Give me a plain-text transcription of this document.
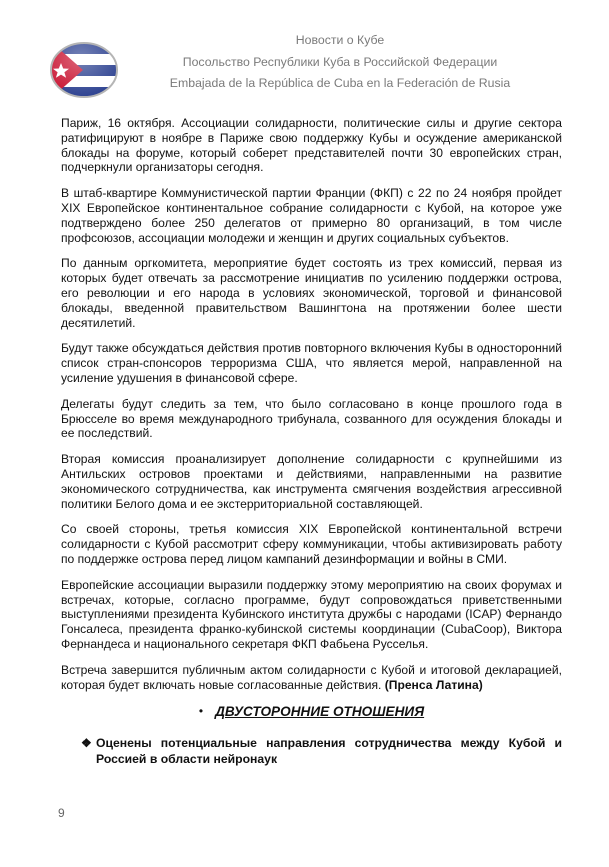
Новости о Кубе
Посольство Республики Куба в Российской Федерации
Embajada de la República de Cuba en la Federación de Rusia

Париж, 16 октября. Ассоциации солидарности, политические силы и другие сектора ратифицируют в ноябре в Париже свою поддержку Кубы и осуждение американской блокады на форуме, который соберет представителей почти 30 европейских стран, подчеркнули организаторы сегодня.

В штаб-квартире Коммунистической партии Франции (ФКП) с 22 по 24 ноября пройдет XIX Европейское континентальное собрание солидарности с Кубой, на которое уже подтверждено более 250 делегатов от примерно 80 организаций, в том числе профсоюзов, ассоциации молодежи и женщин и других социальных субъектов.

По данным оргкомитета, мероприятие будет состоять из трех комиссий, первая из которых будет отвечать за рассмотрение инициатив по усилению поддержки острова, его революции и его народа в условиях экономической, торговой и финансовой блокады, введенной правительством Вашингтона на протяжении более шести десятилетий.

Будут также обсуждаться действия против повторного включения Кубы в односторонний список стран-спонсоров терроризма США, что является мерой, направленной на усиление удушения в финансовой сфере.

Делегаты будут следить за тем, что было согласовано в конце прошлого года в Брюсселе во время международного трибунала, созванного для осуждения блокады и ее последствий.

Вторая комиссия проанализирует дополнение солидарности с крупнейшими из Антильских островов проектами и действиями, направленными на развитие экономического сотрудничества, как инструмента смягчения воздействия агрессивной политики Белого дома и ее экстерриториальной составляющей.

Со своей стороны, третья комиссия XIX Европейской континентальной встречи солидарности с Кубой рассмотрит сферу коммуникации, чтобы активизировать работу по поддержке острова перед лицом кампаний дезинформации и войны в СМИ.

Европейские ассоциации выразили поддержку этому мероприятию на своих форумах и встречах, которые, согласно программе, будут сопровождаться приветственными выступлениями президента Кубинского института дружбы с народами (ICAP) Фернандо Гонсалеса, президента франко-кубинской системы координации (CubaCoop), Виктора Фернандеса и национального секретаря ФКП Фабьена Русселья.

Встреча завершится публичным актом солидарности с Кубой и итоговой декларацией, которая будет включать новые согласованные действия. (Пренса Латина)

• ДВУСТОРОННИЕ ОТНОШЕНИЯ
❖ Оценены потенциальные направления сотрудничества между Кубой и Россией в области нейронаук
9
